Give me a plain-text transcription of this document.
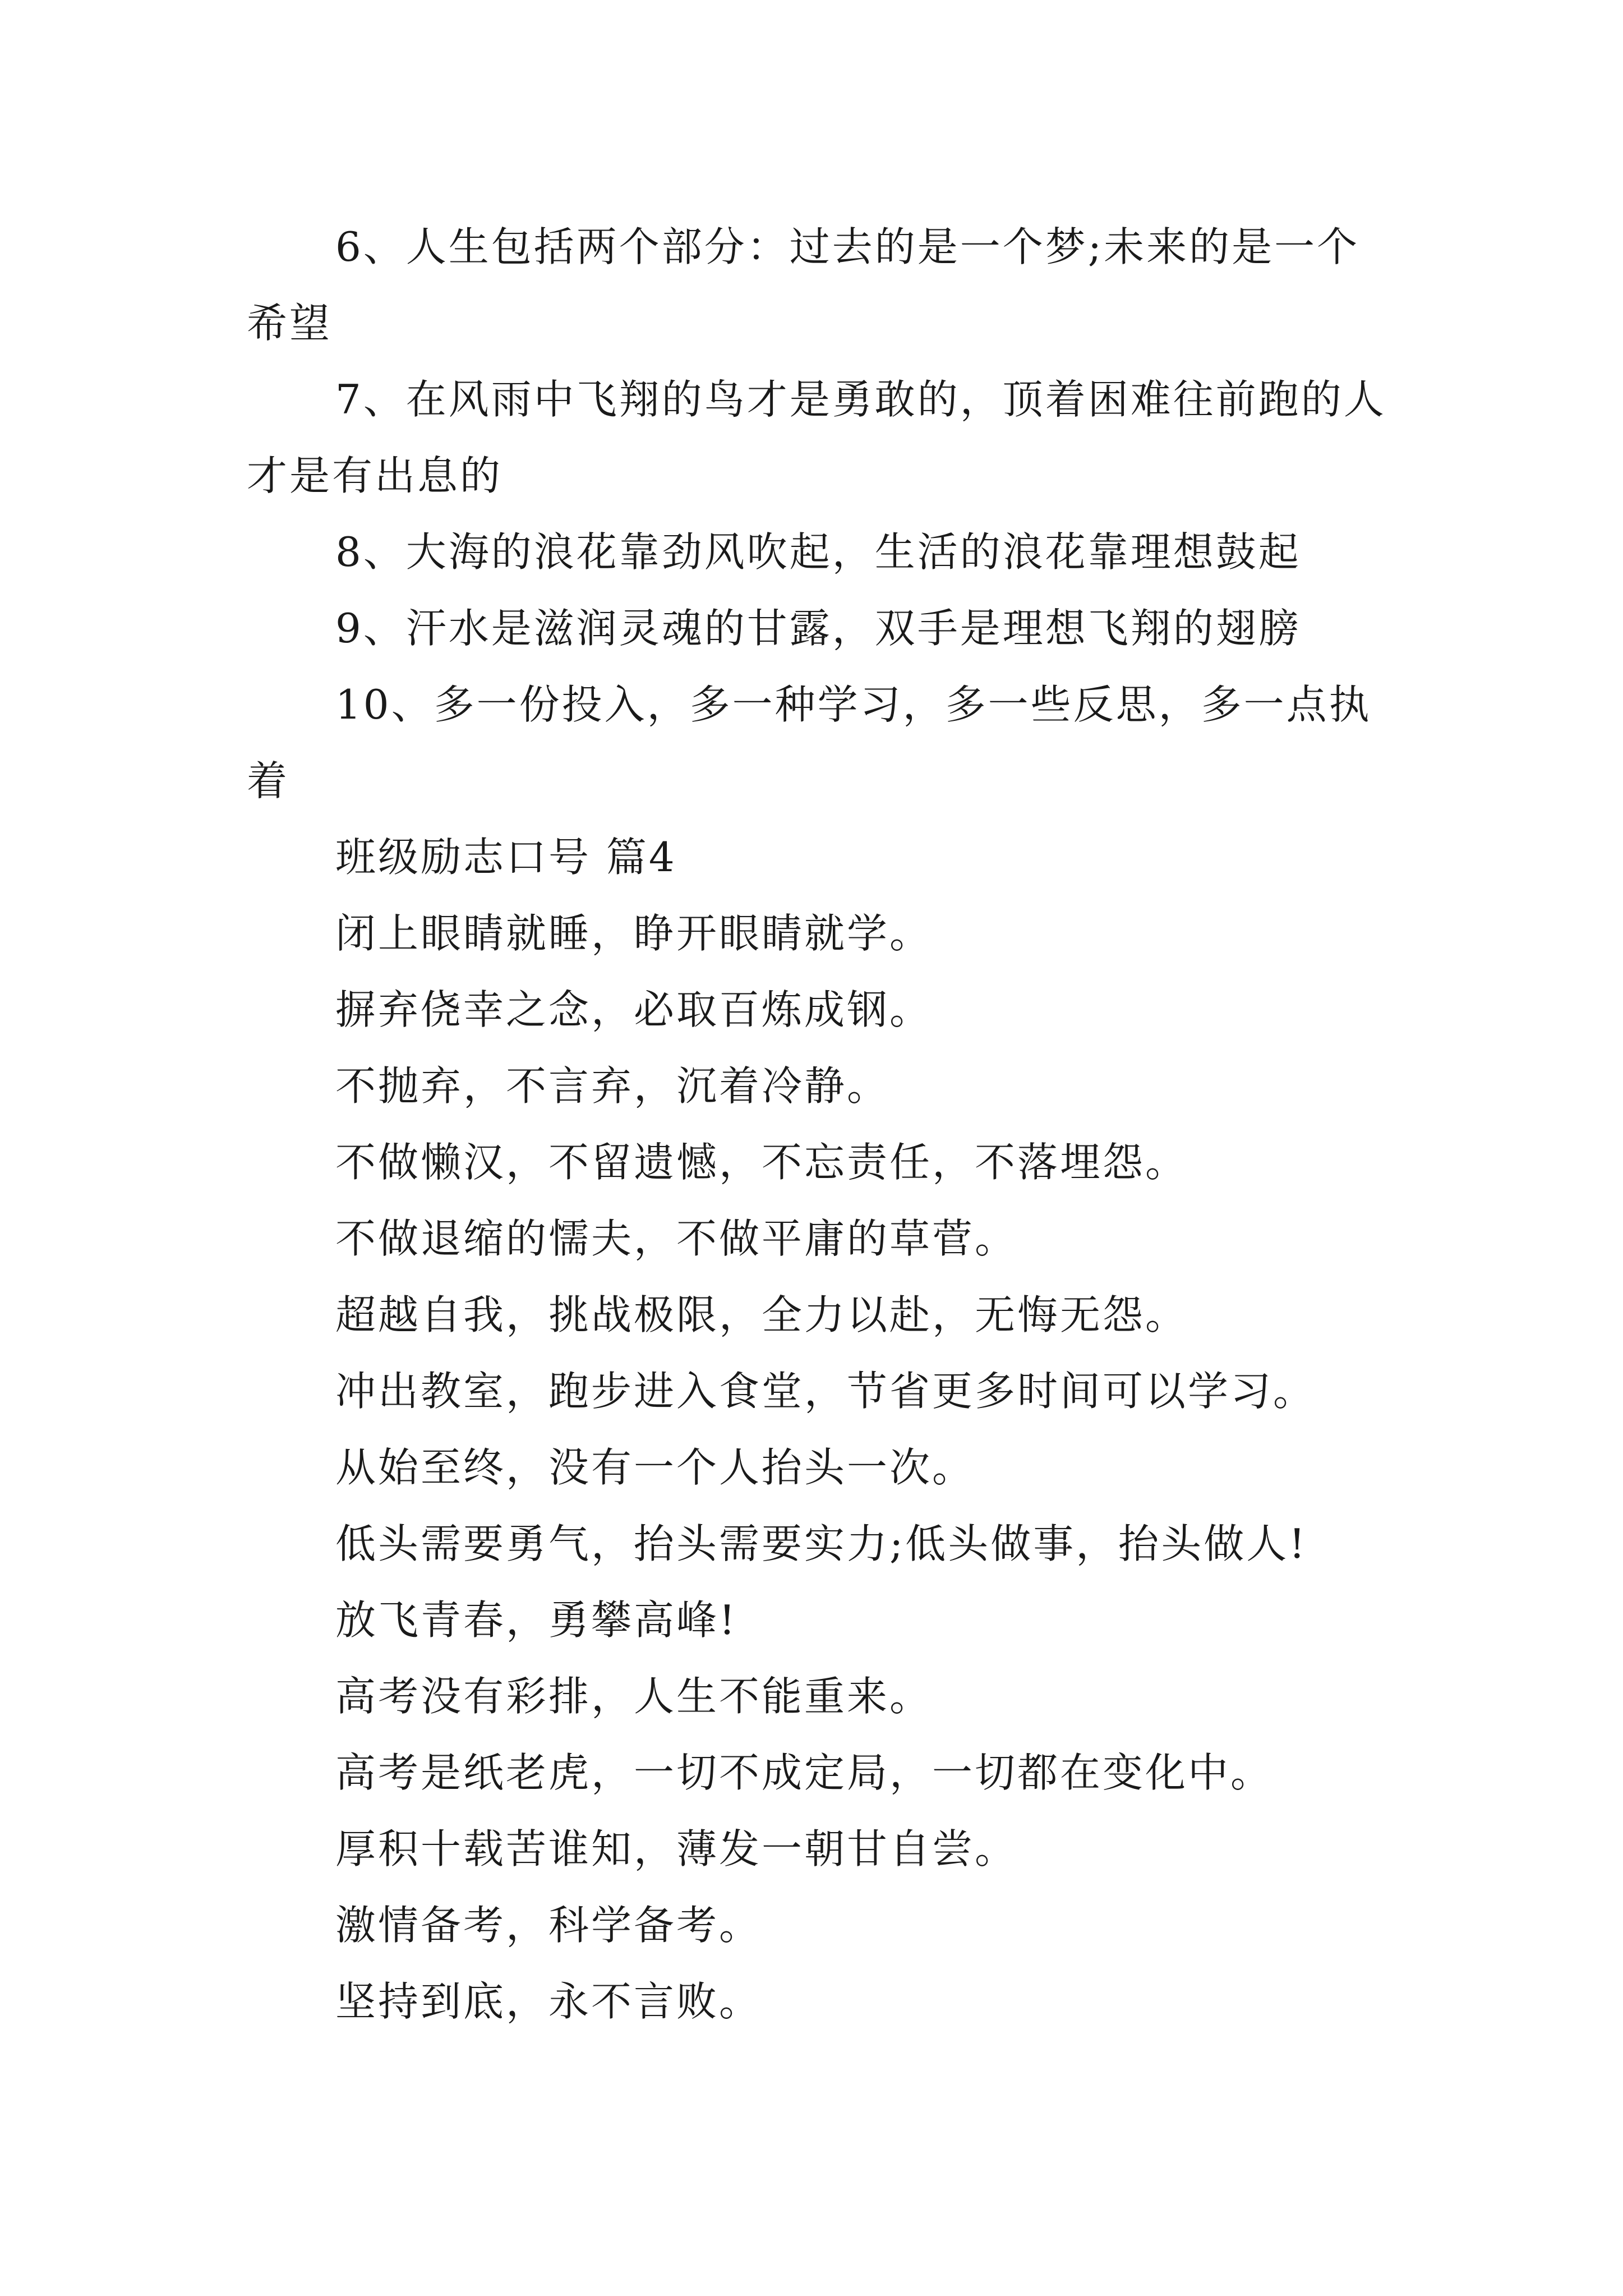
6、人生包括两个部分：过去的是一个梦;未来的是一个希望

7、在风雨中飞翔的鸟才是勇敢的，顶着困难往前跑的人才是有出息的

8、大海的浪花靠劲风吹起，生活的浪花靠理想鼓起

9、汗水是滋润灵魂的甘露，双手是理想飞翔的翅膀

10、多一份投入，多一种学习，多一些反思，多一点执着

班级励志口号 篇4

闭上眼睛就睡，睁开眼睛就学。

摒弃侥幸之念，必取百炼成钢。

不抛弃，不言弃，沉着冷静。

不做懒汉，不留遗憾，不忘责任，不落埋怨。

不做退缩的懦夫，不做平庸的草菅。

超越自我，挑战极限，全力以赴，无悔无怨。

冲出教室，跑步进入食堂，节省更多时间可以学习。

从始至终，没有一个人抬头一次。

低头需要勇气，抬头需要实力;低头做事，抬头做人!

放飞青春，勇攀高峰!

高考没有彩排，人生不能重来。

高考是纸老虎，一切不成定局，一切都在变化中。

厚积十载苦谁知，薄发一朝甘自尝。

激情备考，科学备考。

坚持到底，永不言败。
